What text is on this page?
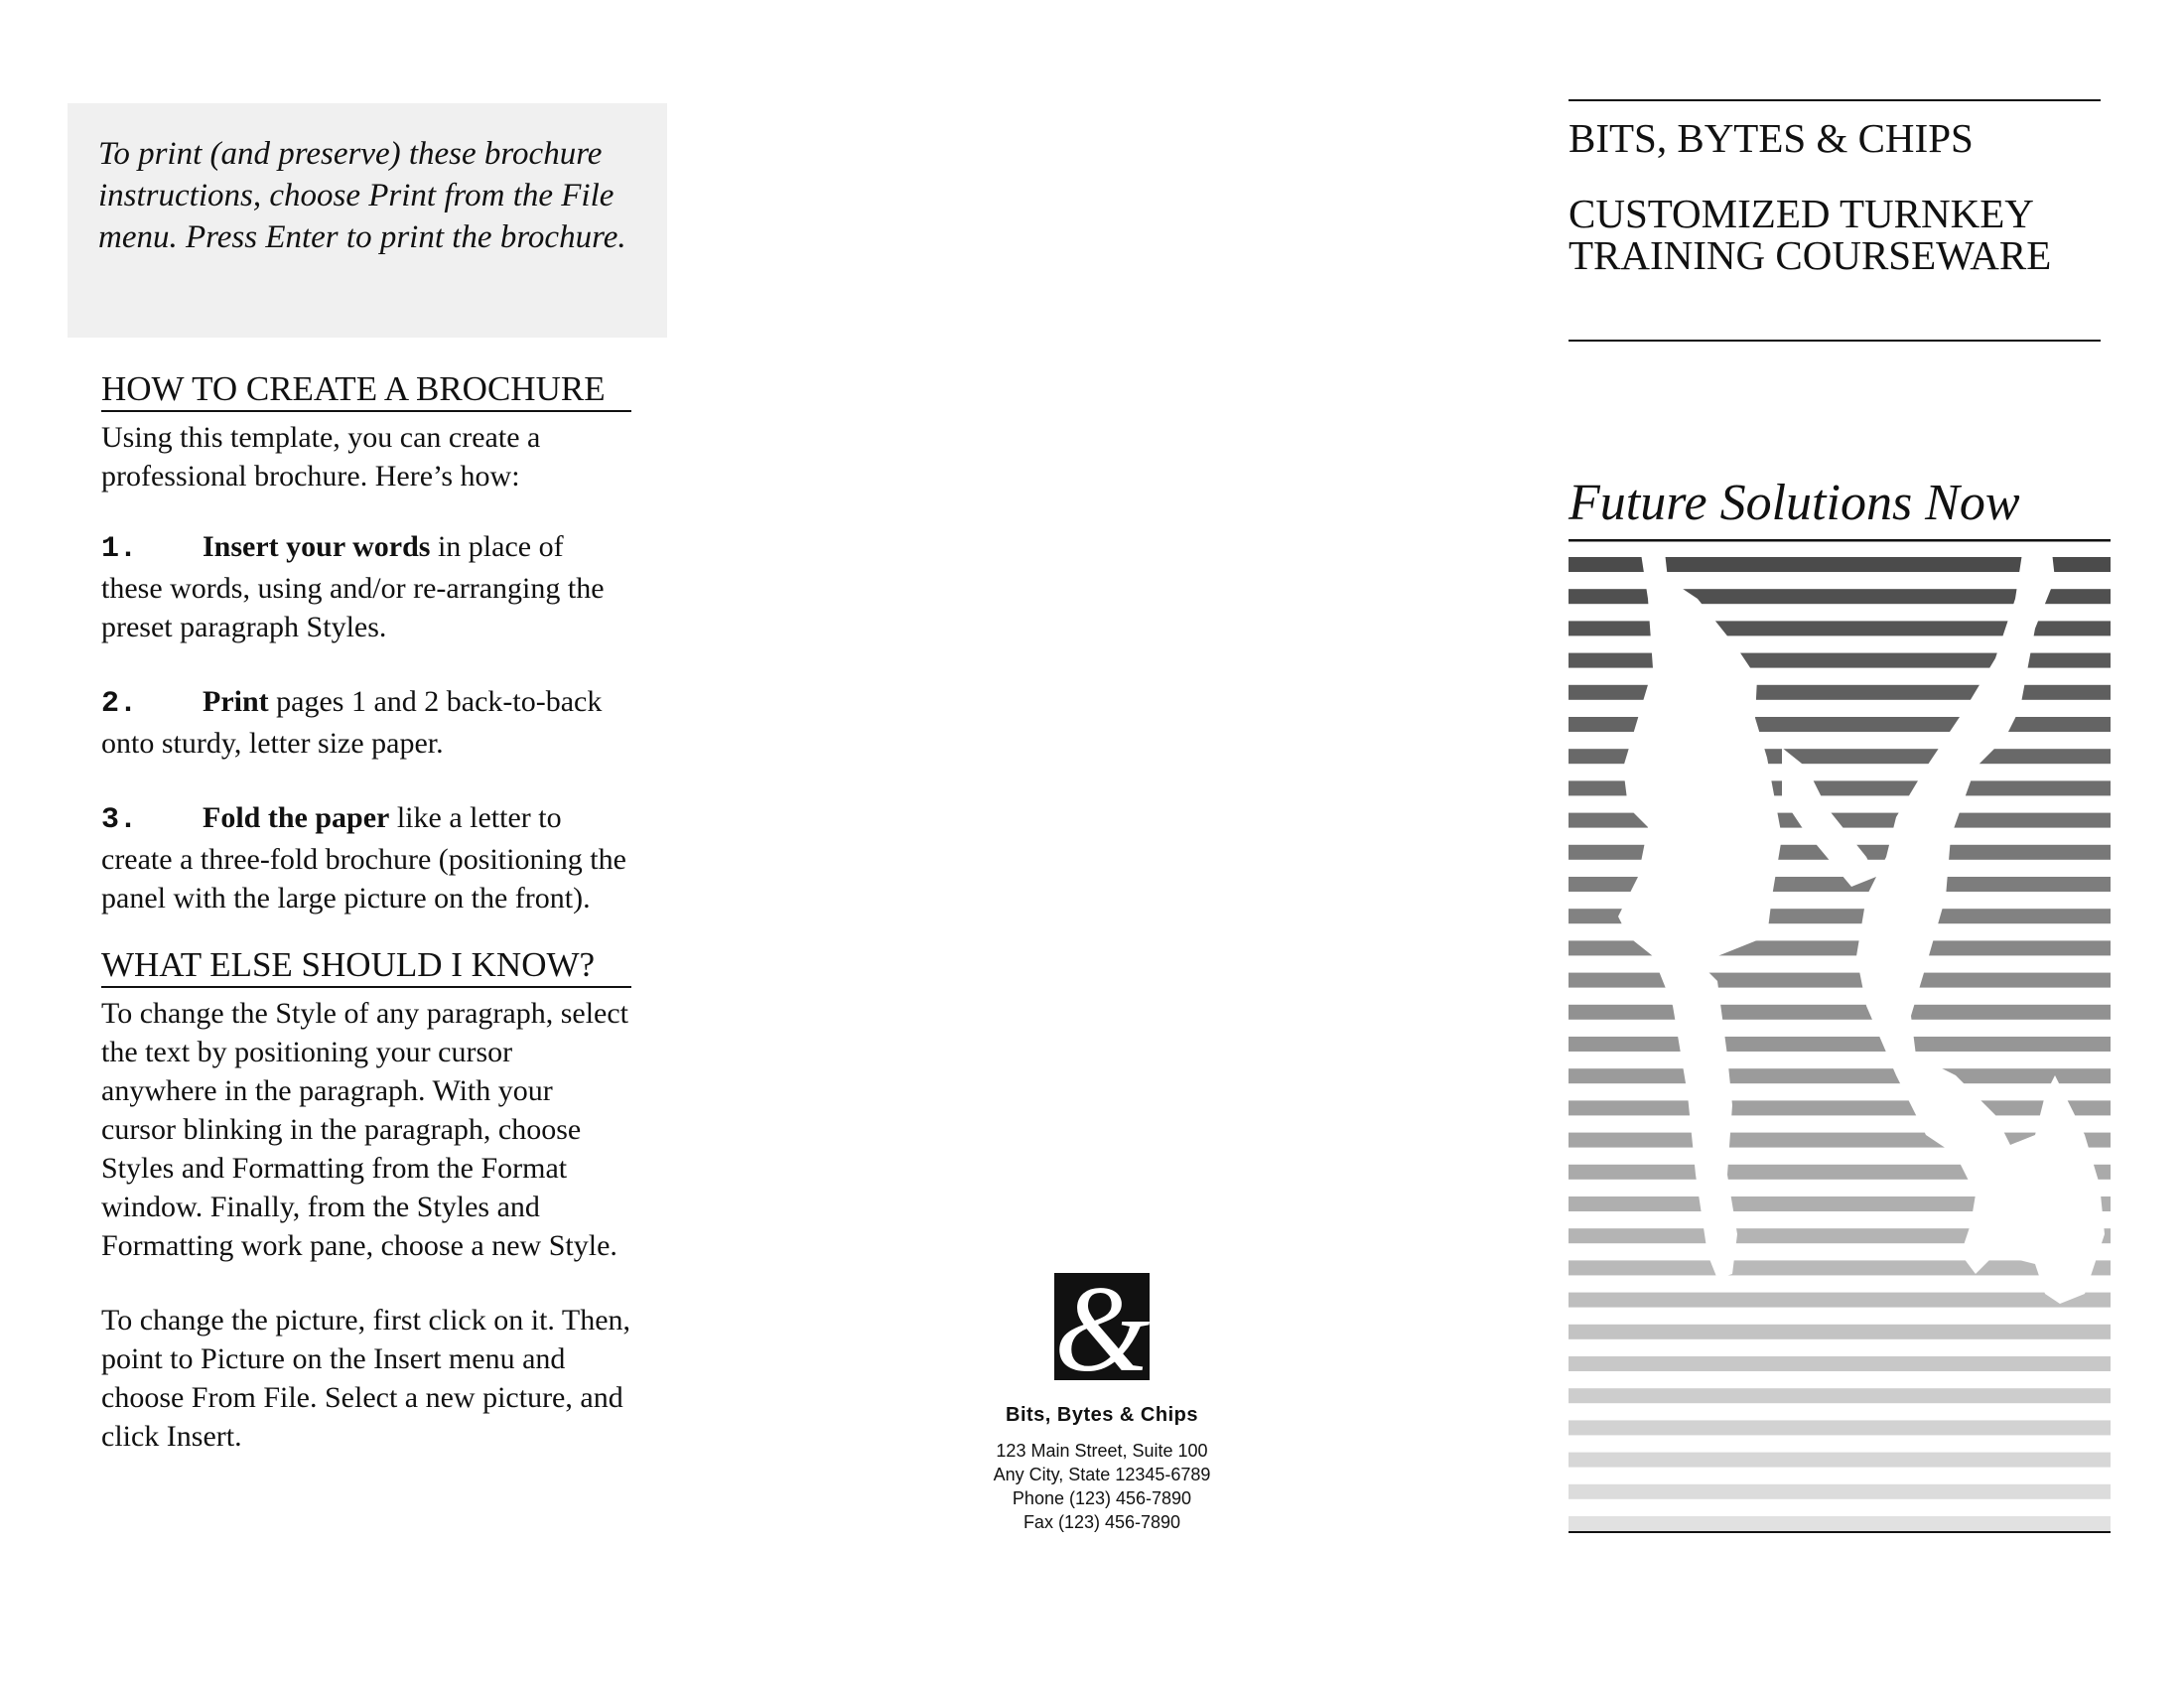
To print (and preserve) these brochure instructions, choose Print from the File menu. Press Enter to print the brochure.
HOW TO CREATE A BROCHURE
Using this template, you can create a professional brochure. Here’s how:
1. Insert your words in place of these words, using and/or re-arranging the preset paragraph Styles.
2. Print pages 1 and 2 back-to-back onto sturdy, letter size paper.
3. Fold the paper like a letter to create a three-fold brochure (positioning the panel with the large picture on the front).
WHAT ELSE SHOULD I KNOW?
To change the Style of any paragraph, select the text by positioning your cursor anywhere in the paragraph. With your cursor blinking in the paragraph, choose Styles and Formatting from the Format window. Finally, from the Styles and Formatting work pane, choose a new Style.
To change the picture, first click on it. Then, point to Picture on the Insert menu and choose From File. Select a new picture, and click Insert.
&
Bits, Bytes & Chips
123 Main Street, Suite 100
Any City, State 12345-6789
Phone (123) 456-7890
Fax (123) 456-7890
BITS, BYTES & CHIPS
CUSTOMIZED TURNKEY TRAINING COURSEWARE
Future Solutions Now
